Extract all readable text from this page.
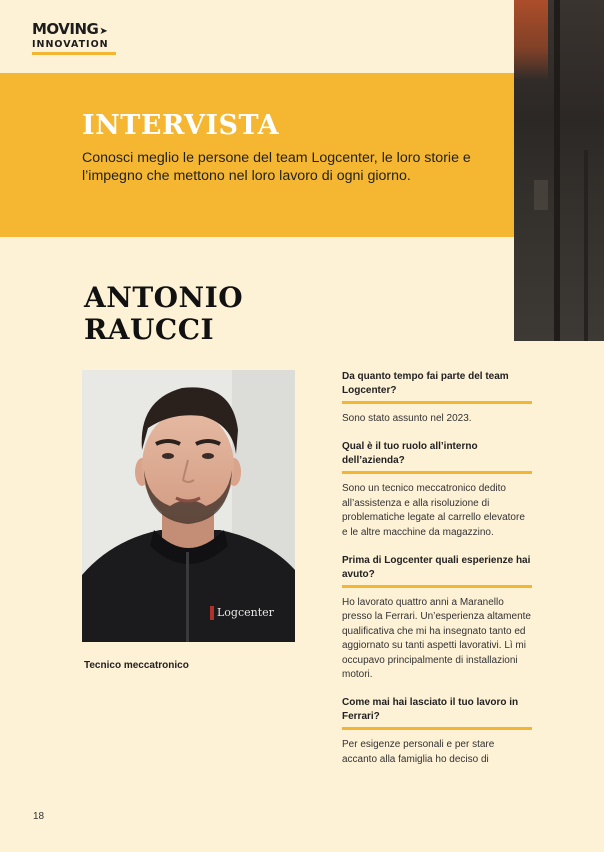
MOVING➤
INNOVATION
INTERVISTA
Conosci meglio le persone del team Logcenter, le loro storie e l’impegno che mettono nel loro lavoro di ogni giorno.
ANTONIO
RAUCCI
Logcenter
Tecnico meccatronico
Da quanto tempo fai parte del team Logcenter?
Sono stato assunto nel 2023.
Qual è il tuo ruolo all’interno dell’azienda?
Sono un tecnico meccatronico dedito all’assistenza e alla risoluzione di problematiche legate al carrello elevatore e le altre macchine da magazzino.
Prima di Logcenter quali esperienze hai avuto?
Ho lavorato quattro anni a Maranello presso la Ferrari. Un’esperienza altamente qualificativa che mi ha insegnato tanto ed aggiornato su tanti aspetti lavorativi. Lì mi occupavo principalmente di installazioni motori.
Come mai hai lasciato il tuo lavoro in Ferrari?
Per esigenze personali e per stare accanto alla famiglia ho deciso di
18
